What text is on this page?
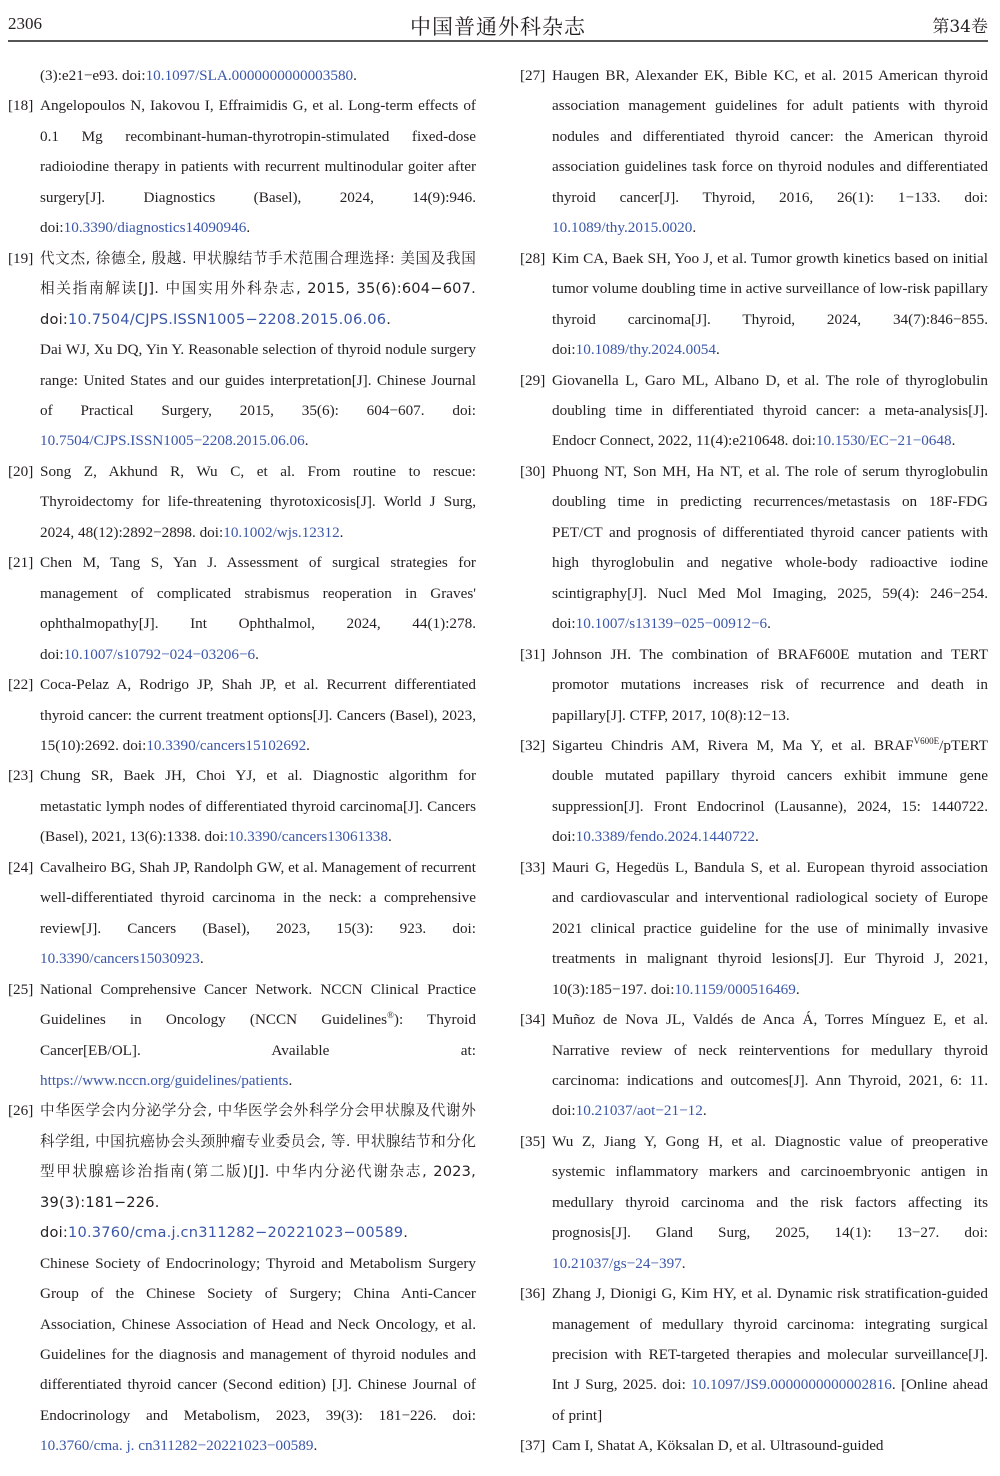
2306	中国普通外科杂志	第34卷
(3):e21−e93. doi:10.1097/SLA.0000000000003580.
[18] Angelopoulos N, Iakovou I, Effraimidis G, et al. Long-term effects of 0.1 Mg recombinant-human-thyrotropin-stimulated fixed-dose radioiodine therapy in patients with recurrent multinodular goiter after surgery[J]. Diagnostics (Basel), 2024, 14(9):946. doi:10.3390/diagnostics14090946.
[19] 代文杰, 徐德全, 殷越. 甲状腺结节手术范围合理选择: 美国及我国相关指南解读[J]. 中国实用外科杂志, 2015, 35(6):604−607. doi:10.7504/CJPS.ISSN1005−2208.2015.06.06.
Dai WJ, Xu DQ, Yin Y. Reasonable selection of thyroid nodule surgery range: United States and our guides interpretation[J]. Chinese Journal of Practical Surgery, 2015, 35(6): 604−607. doi: 10.7504/CJPS.ISSN1005−2208.2015.06.06.
[20] Song Z, Akhund R, Wu C, et al. From routine to rescue: Thyroidectomy for life-threatening thyrotoxicosis[J]. World J Surg, 2024, 48(12):2892−2898. doi:10.1002/wjs.12312.
[21] Chen M, Tang S, Yan J. Assessment of surgical strategies for management of complicated strabismus reoperation in Graves' ophthalmopathy[J]. Int Ophthalmol, 2024, 44(1):278. doi:10.1007/s10792−024−03206−6.
[22] Coca-Pelaz A, Rodrigo JP, Shah JP, et al. Recurrent differentiated thyroid cancer: the current treatment options[J]. Cancers (Basel), 2023, 15(10):2692. doi:10.3390/cancers15102692.
[23] Chung SR, Baek JH, Choi YJ, et al. Diagnostic algorithm for metastatic lymph nodes of differentiated thyroid carcinoma[J]. Cancers (Basel), 2021, 13(6):1338. doi:10.3390/cancers13061338.
[24] Cavalheiro BG, Shah JP, Randolph GW, et al. Management of recurrent well-differentiated thyroid carcinoma in the neck: a comprehensive review[J]. Cancers (Basel), 2023, 15(3): 923. doi: 10.3390/cancers15030923.
[25] National Comprehensive Cancer Network. NCCN Clinical Practice Guidelines in Oncology (NCCN Guidelines®): Thyroid Cancer[EB/OL]. Available at: https://www.nccn.org/guidelines/patients.
[26] 中华医学会内分泌学分会, 中华医学会外科学分会甲状腺及代谢外科学组, 中国抗癌协会头颈肿瘤专业委员会, 等. 甲状腺结节和分化型甲状腺癌诊治指南(第二版)[J]. 中华内分泌代谢杂志, 2023, 39(3):181−226. doi:10.3760/cma.j.cn311282−20221023−00589.
Chinese Society of Endocrinology; Thyroid and Metabolism Surgery Group of the Chinese Society of Surgery; China Anti-Cancer Association, Chinese Association of Head and Neck Oncology, et al. Guidelines for the diagnosis and management of thyroid nodules and differentiated thyroid cancer (Second edition) [J]. Chinese Journal of Endocrinology and Metabolism, 2023, 39(3): 181−226. doi: 10.3760/cma. j. cn311282−20221023−00589.
[27] Haugen BR, Alexander EK, Bible KC, et al. 2015 American thyroid association management guidelines for adult patients with thyroid nodules and differentiated thyroid cancer: the American thyroid association guidelines task force on thyroid nodules and differentiated thyroid cancer[J]. Thyroid, 2016, 26(1): 1−133. doi: 10.1089/thy.2015.0020.
[28] Kim CA, Baek SH, Yoo J, et al. Tumor growth kinetics based on initial tumor volume doubling time in active surveillance of low-risk papillary thyroid carcinoma[J]. Thyroid, 2024, 34(7):846−855. doi:10.1089/thy.2024.0054.
[29] Giovanella L, Garo ML, Albano D, et al. The role of thyroglobulin doubling time in differentiated thyroid cancer: a meta-analysis[J]. Endocr Connect, 2022, 11(4):e210648. doi:10.1530/EC−21−0648.
[30] Phuong NT, Son MH, Ha NT, et al. The role of serum thyroglobulin doubling time in predicting recurrences/metastasis on 18F-FDG PET/CT and prognosis of differentiated thyroid cancer patients with high thyroglobulin and negative whole-body radioactive iodine scintigraphy[J]. Nucl Med Mol Imaging, 2025, 59(4): 246−254. doi:10.1007/s13139−025−00912−6.
[31] Johnson JH. The combination of BRAF600E mutation and TERT promotor mutations increases risk of recurrence and death in papillary[J]. CTFP, 2017, 10(8):12−13.
[32] Sigarteu Chindris AM, Rivera M, Ma Y, et al. $BRAF^{V600E}$/pTERT double mutated papillary thyroid cancers exhibit immune gene suppression[J]. Front Endocrinol (Lausanne), 2024, 15: 1440722. doi:10.3389/fendo.2024.1440722.
[33] Mauri G, Hegedüs L, Bandula S, et al. European thyroid association and cardiovascular and interventional radiological society of Europe 2021 clinical practice guideline for the use of minimally invasive treatments in malignant thyroid lesions[J]. Eur Thyroid J, 2021, 10(3):185−197. doi:10.1159/000516469.
[34] Muñoz de Nova JL, Valdés de Anca Á, Torres Mínguez E, et al. Narrative review of neck reinterventions for medullary thyroid carcinoma: indications and outcomes[J]. Ann Thyroid, 2021, 6: 11. doi:10.21037/aot−21−12.
[35] Wu Z, Jiang Y, Gong H, et al. Diagnostic value of preoperative systemic inflammatory markers and carcinoembryonic antigen in medullary thyroid carcinoma and the risk factors affecting its prognosis[J]. Gland Surg, 2025, 14(1): 13−27. doi: 10.21037/gs−24−397.
[36] Zhang J, Dionigi G, Kim HY, et al. Dynamic risk stratification-guided management of medullary thyroid carcinoma: integrating surgical precision with RET-targeted therapies and molecular surveillance[J]. Int J Surg, 2025. doi: 10.1097/JS9.0000000000002816. [Online ahead of print]
[37] Cam I, Shatat A, Köksalan D, et al. Ultrasound-guided
